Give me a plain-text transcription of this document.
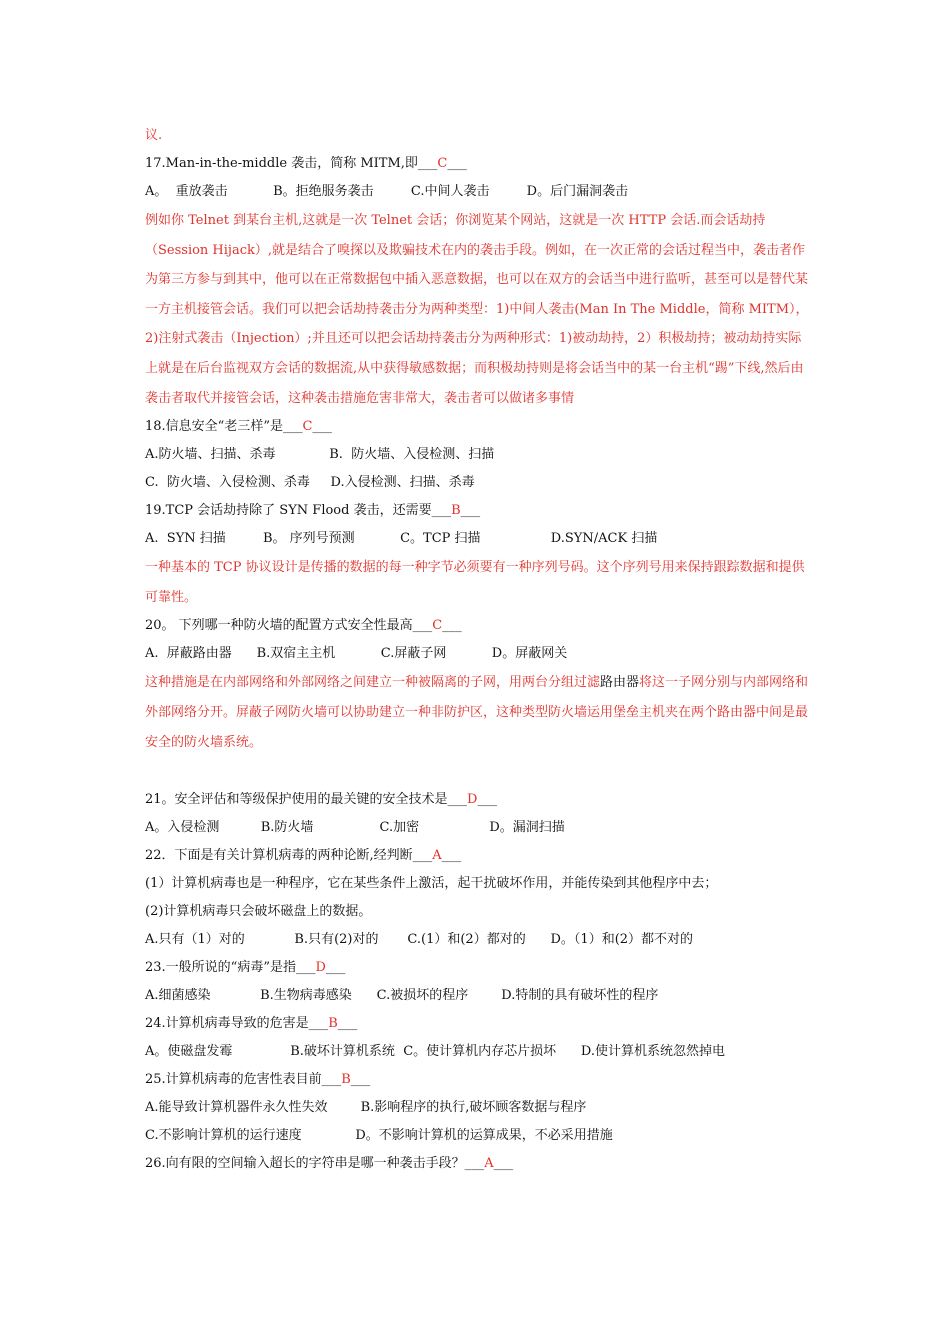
议.
17.Man-in-the-middle 袭击，简称 MITM,即___C___
A。  重放袭击           B。拒绝服务袭击         C.中间人袭击         D。后门漏洞袭击
例如你 Telnet 到某台主机,这就是一次 Telnet 会话；你浏览某个网站，这就是一次 HTTP 会话.而会话劫持（Session Hijack）,就是结合了嗅探以及欺骗技术在内的袭击手段。例如，在一次正常的会话过程当中，袭击者作为第三方参与到其中，他可以在正常数据包中插入恶意数据，也可以在双方的会话当中进行监听，甚至可以是替代某一方主机接管会话。我们可以把会话劫持袭击分为两种类型：1)中间人袭击(Man In The Middle，简称 MITM），2)注射式袭击（Injection）;并且还可以把会话劫持袭击分为两种形式：1)被动劫持，2）积极劫持；被动劫持实际上就是在后台监视双方会话的数据流,从中获得敏感数据；而积极劫持则是将会话当中的某一台主机“踢”下线,然后由袭击者取代并接管会话，这种袭击措施危害非常大，袭击者可以做诸多事情
18.信息安全“老三样”是___C___
A.防火墙、扫描、杀毒             B.  防火墙、入侵检测、扫描
C.  防火墙、入侵检测、杀毒     D.入侵检测、扫描、杀毒
19.TCP 会话劫持除了 SYN Flood 袭击，还需要___B___
A.  SYN 扫描         B。 序列号预测           C。TCP 扫描                 D.SYN/ACK 扫描
一种基本的 TCP 协议设计是传播的数据的每一种字节必须要有一种序列号码。这个序列号用来保持跟踪数据和提供可靠性。
20。 下列哪一种防火墙的配置方式安全性最高___C___
A.  屏蔽路由器      B.双宿主主机           C.屏蔽子网           D。屏蔽网关
这种措施是在内部网络和外部网络之间建立一种被隔离的子网，用两台分组过滤路由器将这一子网分别与内部网络和外部网络分开。屏蔽子网防火墙可以协助建立一种非防护区，这种类型防火墙运用堡垒主机夹在两个路由器中间是最安全的防火墙系统。
21。安全评估和等级保护使用的最关键的安全技术是___D___
A。入侵检测          B.防火墙                C.加密                 D。漏洞扫描
22．下面是有关计算机病毒的两种论断,经判断___A___
(1）计算机病毒也是一种程序，它在某些条件上激活，起干扰破坏作用，并能传染到其他程序中去；
(2)计算机病毒只会破坏磁盘上的数据。
A.只有（1）对的            B.只有(2)对的       C.(1）和(2）都对的      D。（1）和(2）都不对的
23.一般所说的“病毒”是指___D___
A.细菌感染            B.生物病毒感染      C.被损坏的程序        D.特制的具有破坏性的程序
24.计算机病毒导致的危害是___B___
A。使磁盘发霉              B.破坏计算机系统  C。使计算机内存芯片损坏      D.使计算机系统忽然掉电
25.计算机病毒的危害性表目前___B___
A.能导致计算机器件永久性失效        B.影响程序的执行,破坏顾客数据与程序
C.不影响计算机的运行速度             D。不影响计算机的运算成果，不必采用措施
26.向有限的空间输入超长的字符串是哪一种袭击手段？___A___
